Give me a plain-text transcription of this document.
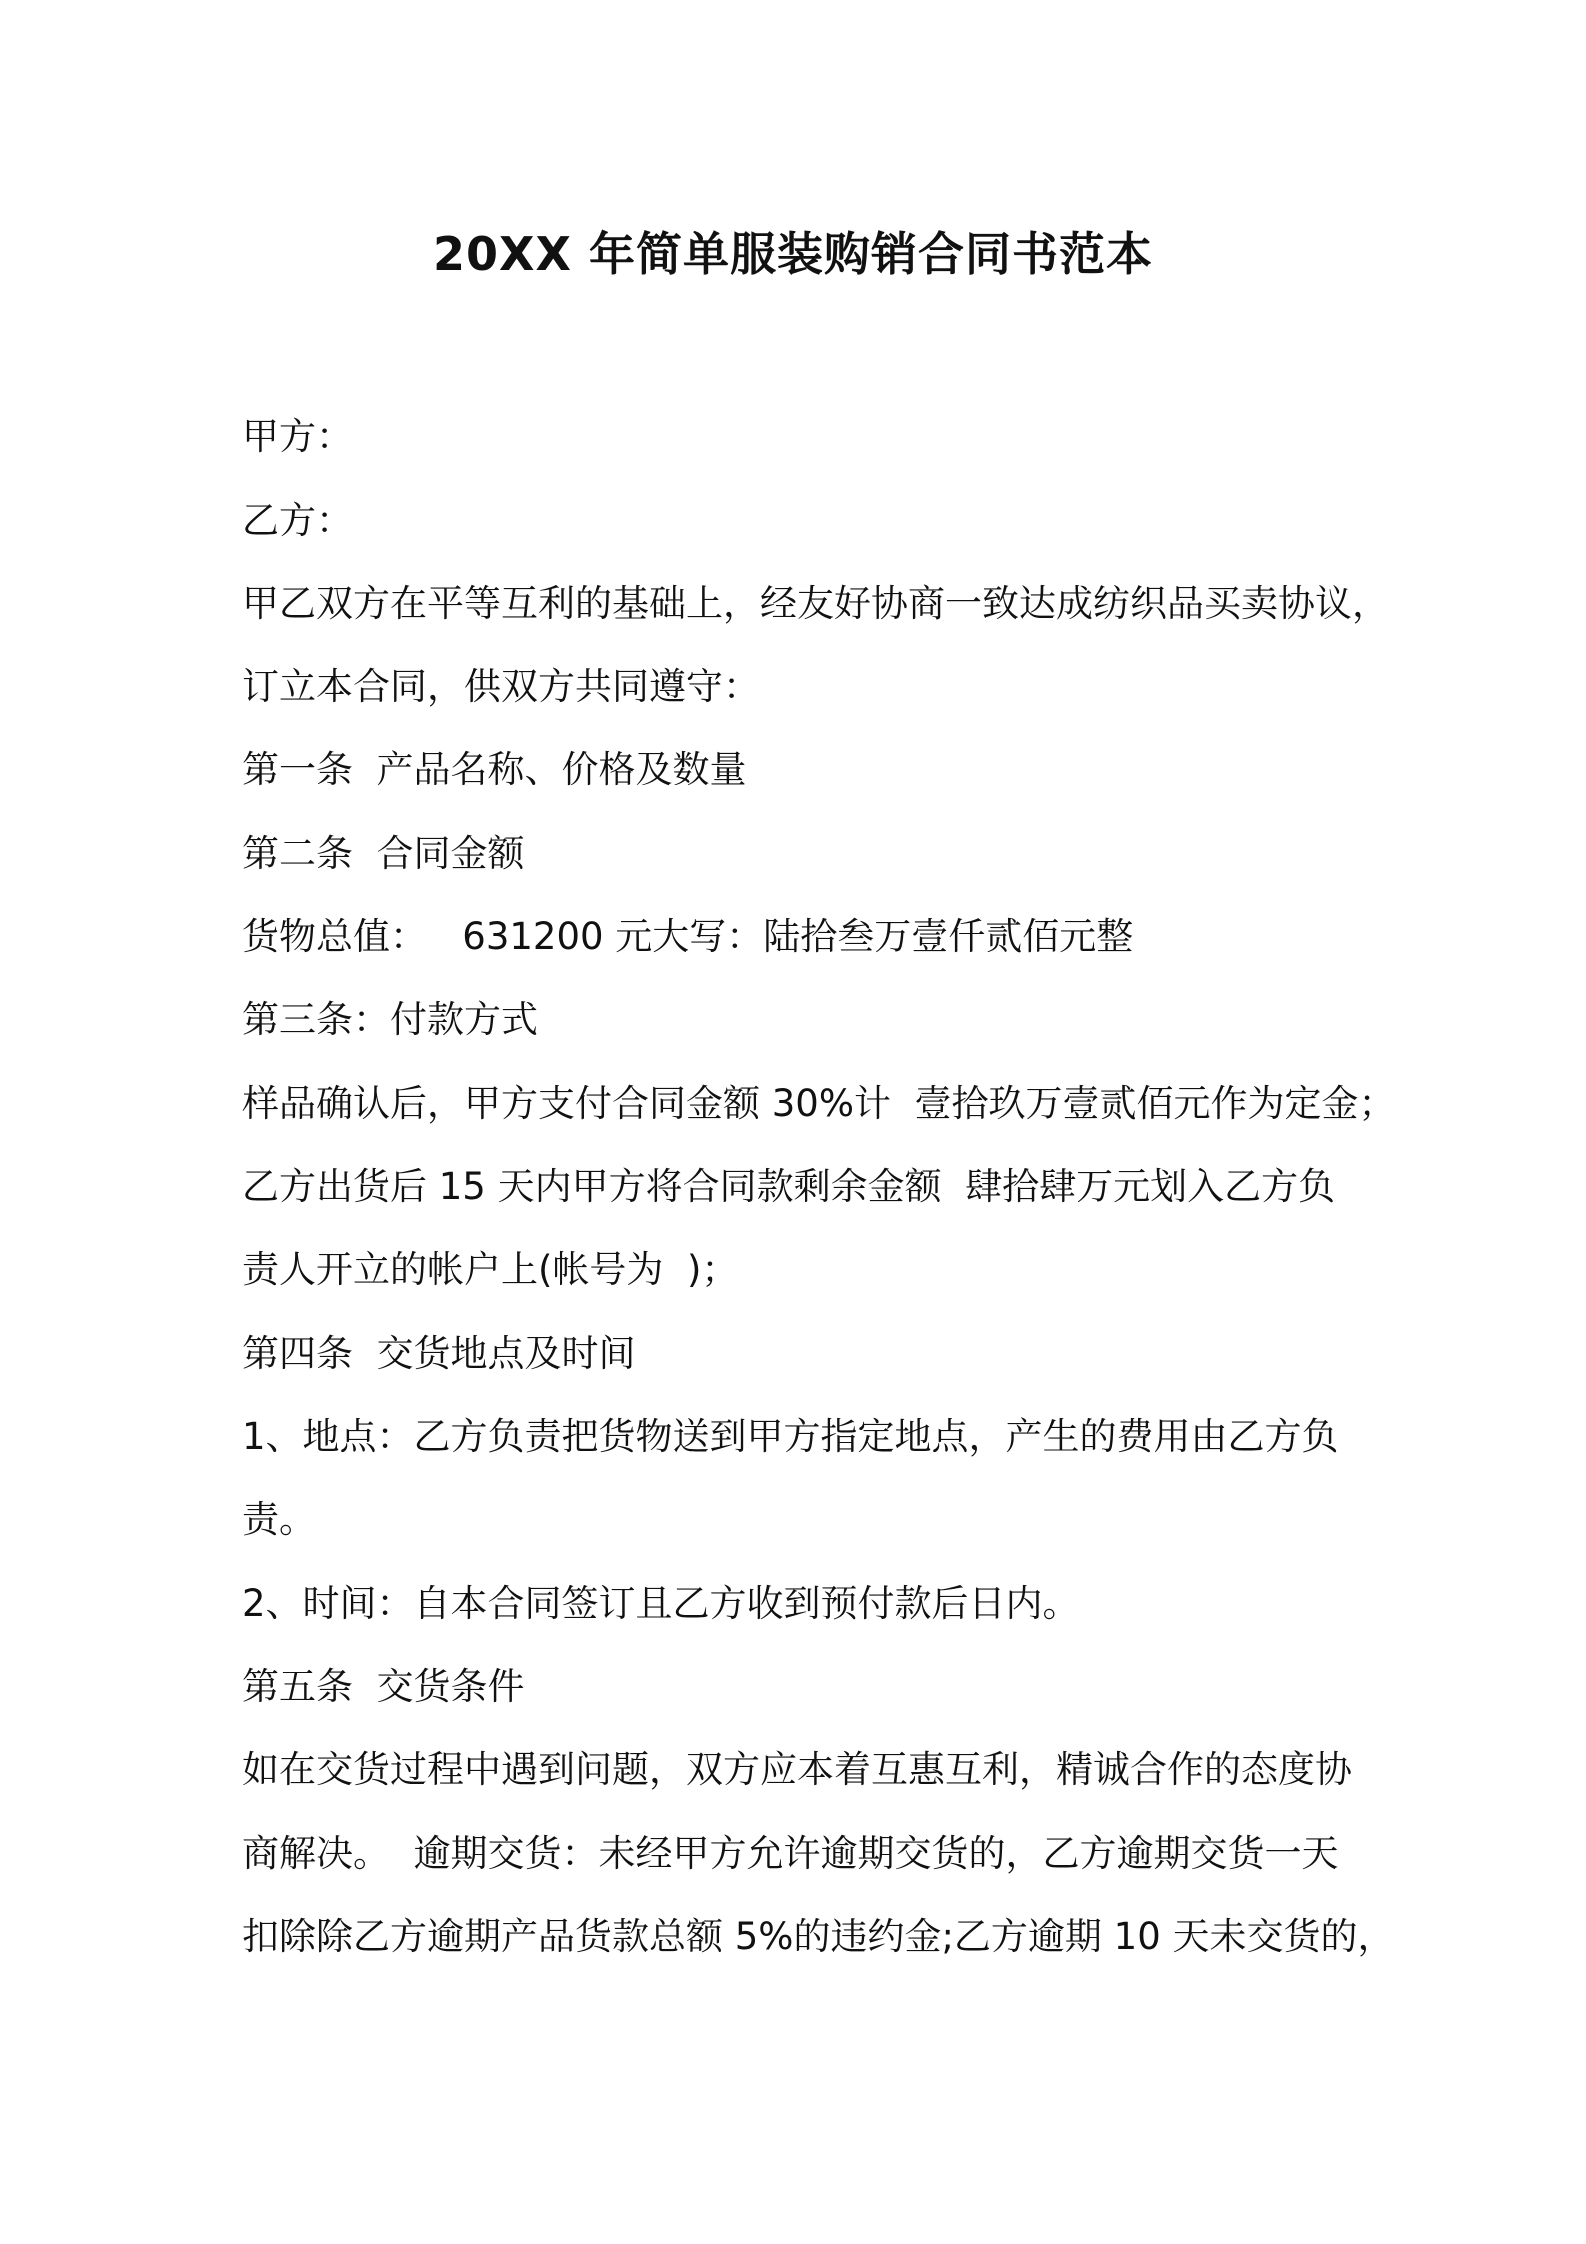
20XX 年简单服装购销合同书范本

甲方：

乙方：

甲乙双方在平等互利的基础上，经友好协商一致达成纺织品买卖协议，

订立本合同，供双方共同遵守：

第一条  产品名称、价格及数量

第二条  合同金额

货物总值：   631200 元大写：陆拾叁万壹仟贰佰元整

第三条：付款方式

样品确认后，甲方支付合同金额 30%计  壹拾玖万壹贰佰元作为定金；

乙方出货后 15 天内甲方将合同款剩余金额  肆拾肆万元划入乙方负

责人开立的帐户上(帐号为  )；

第四条  交货地点及时间

1、地点：乙方负责把货物送到甲方指定地点，产生的费用由乙方负

责。

2、时间：自本合同签订且乙方收到预付款后日内。

第五条  交货条件

如在交货过程中遇到问题，双方应本着互惠互利，精诚合作的态度协

商解决。  逾期交货：未经甲方允许逾期交货的，乙方逾期交货一天

扣除除乙方逾期产品货款总额 5%的违约金;乙方逾期 10 天未交货的，
